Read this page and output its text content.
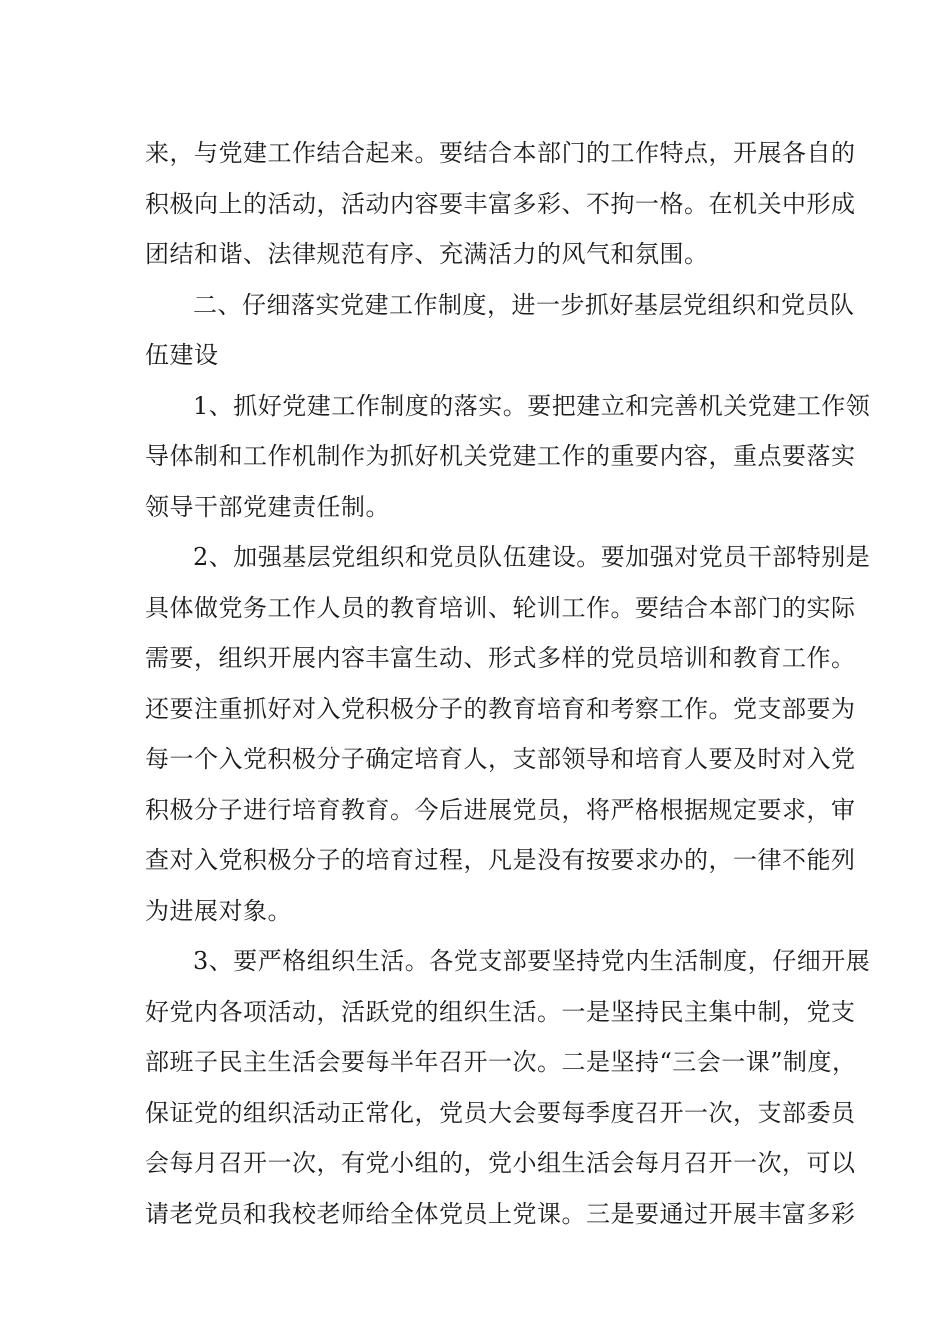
来，与党建工作结合起来。要结合本部门的工作特点，开展各自的
积极向上的活动，活动内容要丰富多彩、不拘一格。在机关中形成
团结和谐、法律规范有序、充满活力的风气和氛围。
二、仔细落实党建工作制度，进一步抓好基层党组织和党员队
伍建设
1、抓好党建工作制度的落实。要把建立和完善机关党建工作领
导体制和工作机制作为抓好机关党建工作的重要内容，重点要落实
领导干部党建责任制。
2、加强基层党组织和党员队伍建设。要加强对党员干部特别是
具体做党务工作人员的教育培训、轮训工作。要结合本部门的实际
需要，组织开展内容丰富生动、形式多样的党员培训和教育工作。
还要注重抓好对入党积极分子的教育培育和考察工作。党支部要为
每一个入党积极分子确定培育人，支部领导和培育人要及时对入党
积极分子进行培育教育。今后进展党员，将严格根据规定要求，审
查对入党积极分子的培育过程，凡是没有按要求办的，一律不能列
为进展对象。
3、要严格组织生活。各党支部要坚持党内生活制度，仔细开展
好党内各项活动，活跃党的组织生活。一是坚持民主集中制，党支
部班子民主生活会要每半年召开一次。二是坚持“三会一课”制度，
保证党的组织活动正常化，党员大会要每季度召开一次，支部委员
会每月召开一次，有党小组的，党小组生活会每月召开一次，可以
请老党员和我校老师给全体党员上党课。三是要通过开展丰富多彩
